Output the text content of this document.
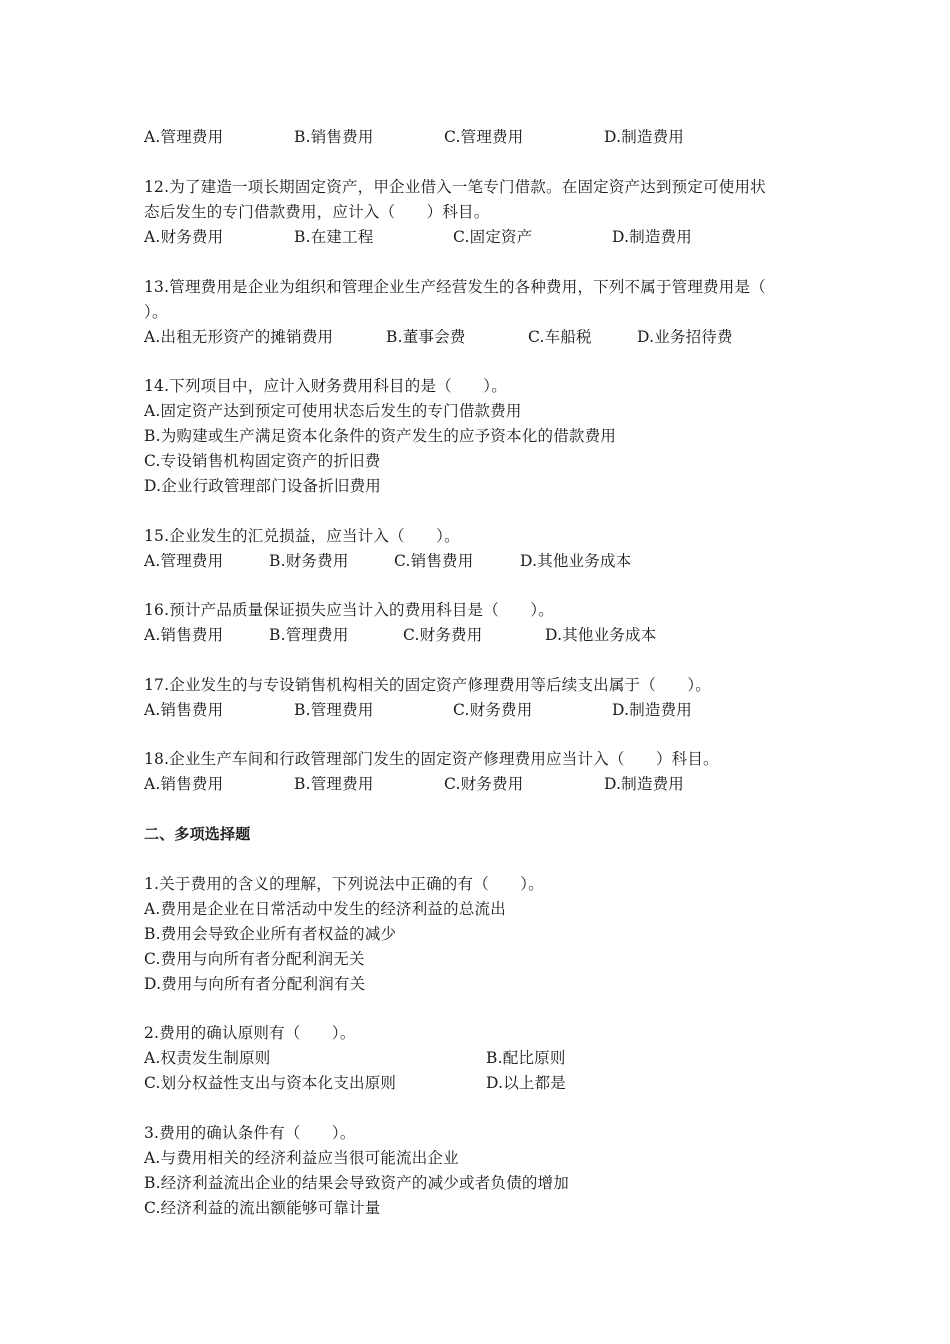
A.管理费用	B.销售费用	C.管理费用	D.制造费用
12.为了建造一项长期固定资产，甲企业借入一笔专门借款。在固定资产达到预定可使用状
态后发生的专门借款费用，应计入（　　）科目。
A.财务费用	B.在建工程	C.固定资产	D.制造费用
13.管理费用是企业为组织和管理企业生产经营发生的各种费用，下列不属于管理费用是（
）。
A.出租无形资产的摊销费用	B.董事会费	C.车船税	D.业务招待费
14.下列项目中，应计入财务费用科目的是（　　）。
A.固定资产达到预定可使用状态后发生的专门借款费用
B.为购建或生产满足资本化条件的资产发生的应予资本化的借款费用
C.专设销售机构固定资产的折旧费
D.企业行政管理部门设备折旧费用
15.企业发生的汇兑损益，应当计入（　　）。
A.管理费用	B.财务费用	C.销售费用	D.其他业务成本
16.预计产品质量保证损失应当计入的费用科目是（　　）。
A.销售费用	B.管理费用	C.财务费用	D.其他业务成本
17.企业发生的与专设销售机构相关的固定资产修理费用等后续支出属于（　　）。
A.销售费用	B.管理费用	C.财务费用	D.制造费用
18.企业生产车间和行政管理部门发生的固定资产修理费用应当计入（　　）科目。
A.销售费用	B.管理费用	C.财务费用	D.制造费用
二、多项选择题
1.关于费用的含义的理解，下列说法中正确的有（　　）。
A.费用是企业在日常活动中发生的经济利益的总流出
B.费用会导致企业所有者权益的减少
C.费用与向所有者分配利润无关
D.费用与向所有者分配利润有关
2.费用的确认原则有（　　）。
A.权责发生制原则	B.配比原则
C.划分权益性支出与资本化支出原则	D.以上都是
3.费用的确认条件有（　　）。
A.与费用相关的经济利益应当很可能流出企业
B.经济利益流出企业的结果会导致资产的减少或者负债的增加
C.经济利益的流出额能够可靠计量
